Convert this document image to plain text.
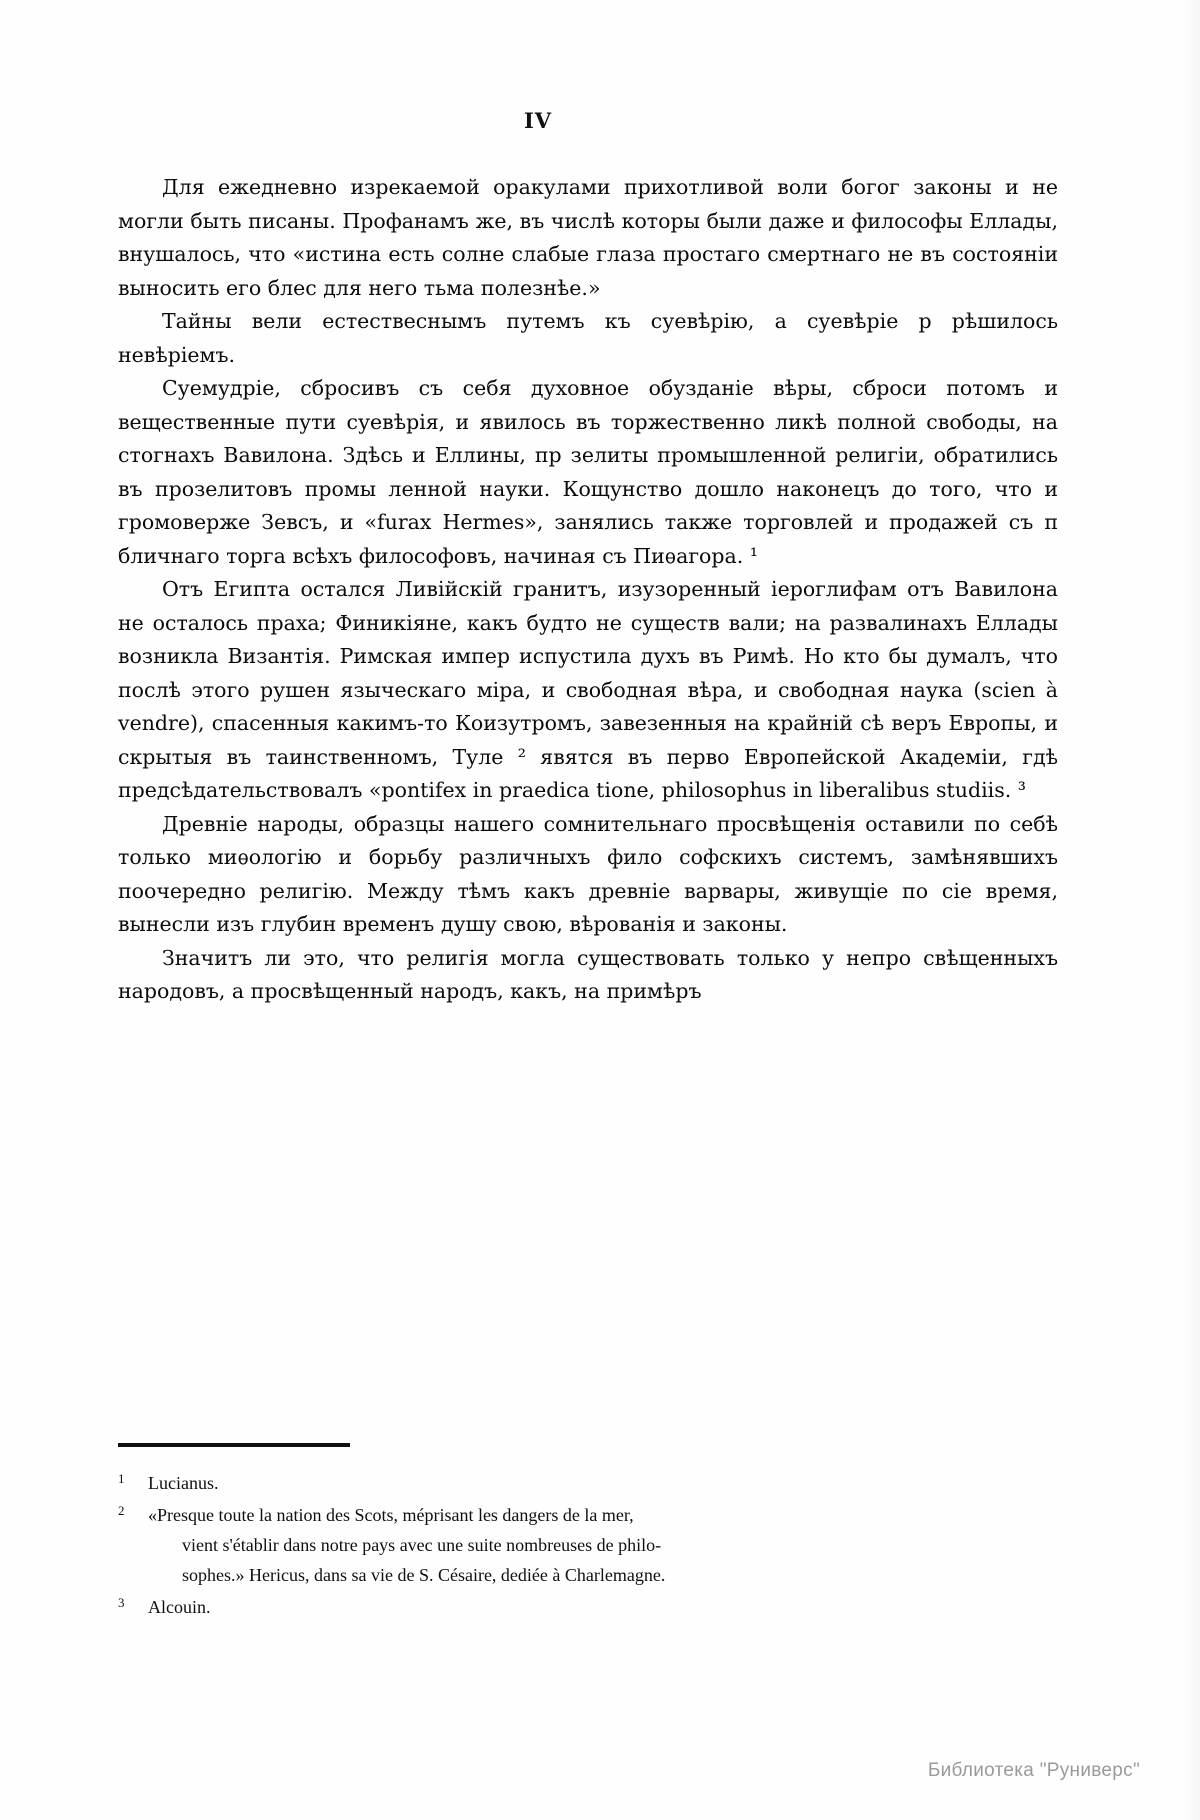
IV

Для ежедневно изрекаемой оракулами прихотливой воли богог законы и не могли быть писаны. Профанамъ же, въ числѣ которы были даже и философы Еллады, внушалось, что «истина есть солне слабые глаза простаго смертнаго не въ состоянiи выносить его блес для него тьма полезнѣе.»

Тайны вели естествеснымъ путемъ къ суевѣрiю, а суевѣрiе р рѣшилось невѣрiемъ.

Суемудрiе, сбросивъ съ себя духовное обузданiе вѣры, сброси потомъ и вещественные пути суевѣрiя, и явилось въ торжественно ликѣ полной свободы, на стогнахъ Вавилона. Здѣсь и Еллины, пр зелиты промышленной религiи, обратились въ прозелитовъ промы ленной науки. Кощунство дошло наконецъ до того, что и громоверже Зевсъ, и «furax Hermes», занялись также торговлей и продажей съ п бличнаго торга всѣхъ философовъ, начиная съ Пиѳагора. ¹

Отъ Египта остался Ливiйскiй гранитъ, изузоренный iероглифам отъ Вавилона не осталось праха; Финикiяне, какъ будто не существ вали; на развалинахъ Еллады возникла Византiя. Римская импер испустила духъ въ Римѣ. Но кто бы думалъ, что послѣ этого рушен языческаго мiра, и свободная вѣра, и свободная наука (scien à vendre), спасенныя какимъ-то Коизутромъ, завезенныя на крайнiй сѣ веръ Европы, и скрытыя въ таинственномъ, Туле ² явятся въ перво Европейской Академiи, гдѣ предсѣдательствовалъ «pontifex in praedica tione, philosophus in liberalibus studiis. ³

Древнiе народы, образцы нашего сомнительнаго просвѣщенiя оставили по себѣ только миѳологiю и борьбу различныхъ фило софскихъ системъ, замѣнявшихъ поочередно религiю. Между тѣмъ какъ древнiе варвары, живущiе по сiе время, вынесли изъ глубин временъ душу свою, вѣрованiя и законы.

Значитъ ли это, что религiя могла существовать только у непро свѣщенныхъ народовъ, а просвѣщенный народъ, какъ, на примѣръ

1 Lucianus.
2 «Presque toute la nation des Scots, méprisant les dangers de la mer,
vient s'établir dans notre pays avec une suite nombreuses de philo-
sophes.» Hericus, dans sa vie de S. Césaire, dediée à Charlemagne.
3 Alcouin.
Библиотека "Руниверс"
